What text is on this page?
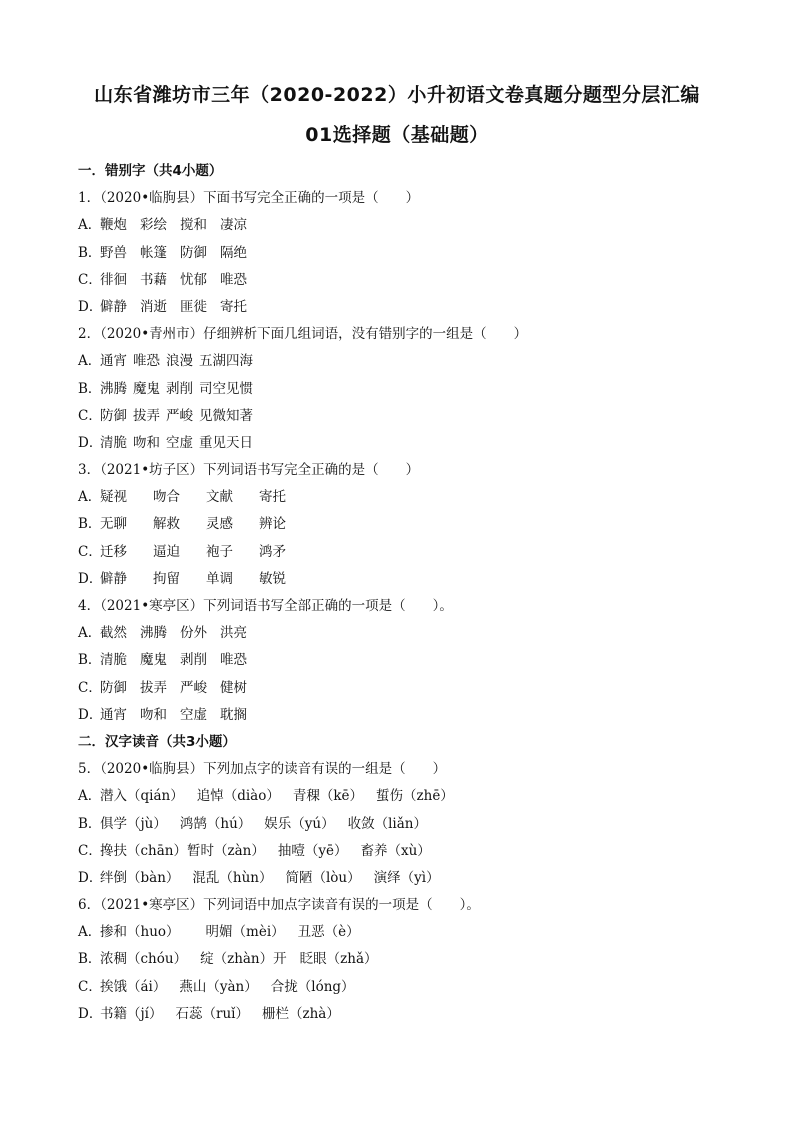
山东省潍坊市三年（2020-2022）小升初语文卷真题分题型分层汇编
01选择题（基础题）
一．错别字（共4小题）
1．（2020•临朐县）下面书写完全正确的一项是（　　）
A．鞭炮 彩绘 搅和 凄凉
B．野兽 帐篷 防御 隔绝
C．徘徊 书藉 忧郁 唯恐
D．僻静 消逝 匪徙 寄托
2．（2020•青州市）仔细辨析下面几组词语，没有错别字的一组是（　　）
A．通宵 唯恐 浪漫 五湖四海
B．沸腾 魔鬼 剥削 司空见惯
C．防御 拔弄 严峻 见微知著
D．清脆 吻和 空虚 重见天日
3．（2021•坊子区）下列词语书写完全正确的是（　　）
A．疑视 吻合 文献 寄托
B．无聊 解救 灵感 辨论
C．迁移 逼迫 袍子 鸿矛
D．僻静 拘留 单调 敏锐
4．（2021•寒亭区）下列词语书写全部正确的一项是（　　）。
A．截然 沸腾 份外 洪亮
B．清脆 魔鬼 剥削 唯恐
C．防御 拔弄 严峻 健树
D．通宵 吻和 空虚 耽搁
二．汉字读音（共3小题）
5．（2020•临朐县）下列加点字的读音有误的一组是（　　）
A．潜入（qián） 追悼（diào） 青稞（kē） 蜇伤（zhē）
B．俱学（jù） 鸿鹄（hú） 娱乐（yú） 收敛（liǎn）
C．搀扶（chān）暂时（zàn） 抽噎（yē） 畜养（xù）
D．绊倒（bàn） 混乱（hùn） 简陋（lòu） 演绎（yì）
6．（2021•寒亭区）下列词语中加点字读音有误的一项是（　　）。
A．掺和（huo） 明媚（mèi） 丑恶（è）
B．浓稠（chóu） 绽（zhàn）开 眨眼（zhǎ）
C．挨饿（ái） 燕山（yàn） 合拢（lóng）
D．书籍（jí） 石蕊（ruǐ） 栅栏（zhà）
